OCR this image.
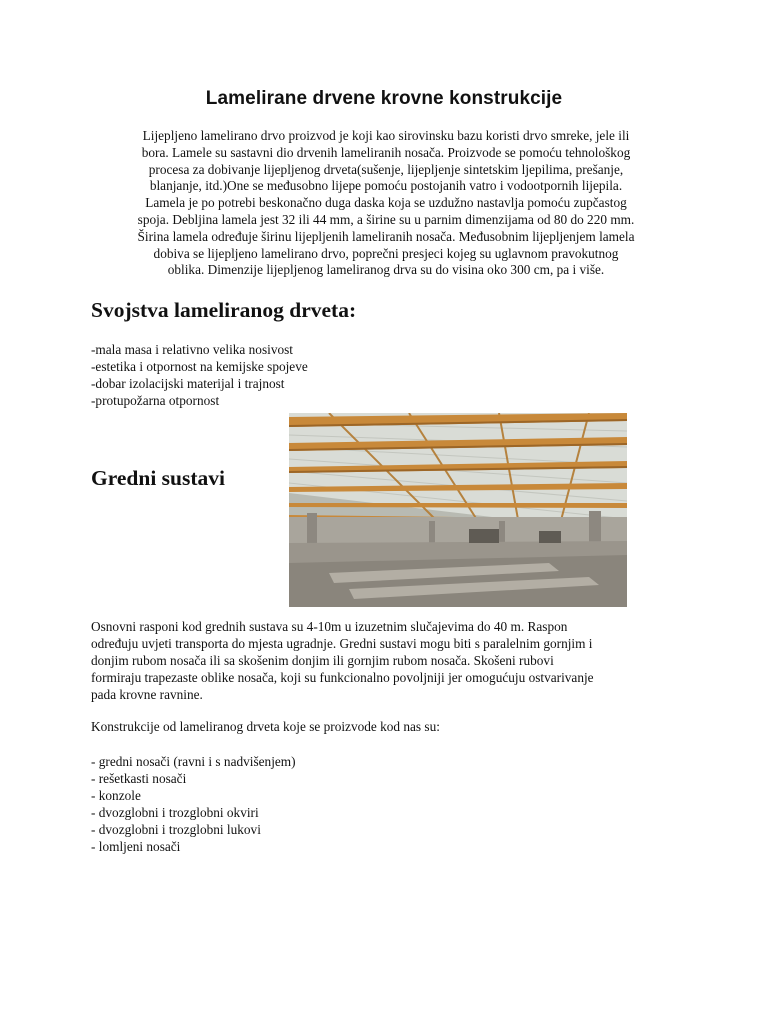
Lamelirane drvene krovne konstrukcije
Lijepljeno lamelirano drvo proizvod je koji kao sirovinsku bazu koristi drvo smreke, jele ili
bora. Lamele su sastavni dio drvenih lameliranih nosača. Proizvode se pomoću tehnološkog
procesa za dobivanje lijepljenog drveta(sušenje, lijepljenje sintetskim ljepilima, prešanje,
blanjanje, itd.)One se međusobno lijepe pomoću postojanih vatro i vodootpornih lijepila.
Lamela je po potrebi beskonačno duga daska koja se uzdužno nastavlja pomoću zupčastog
spoja. Debljina lamela jest 32 ili 44 mm, a širine su u parnim dimenzijama od 80 do 220 mm.
Širina lamela određuje širinu lijepljenih lameliranih nosača. Međusobnim lijepljenjem lamela
dobiva se lijepljeno lamelirano drvo, poprečni presjeci kojeg su uglavnom pravokutnog
oblika. Dimenzije lijepljenog lameliranog drva su do visina oko 300 cm, pa i više.
Svojstva lameliranog drveta:
-mala masa i relativno velika nosivost
-estetika i otpornost na kemijske spojeve
-dobar izolacijski materijal i trajnost
-protupožarna otpornost
Gredni sustavi
Osnovni rasponi kod grednih sustava su 4-10m u izuzetnim slučajevima do 40 m. Raspon
određuju uvjeti transporta do mjesta ugradnje. Gredni sustavi mogu biti s paralelnim gornjim i
donjim rubom nosača ili sa skošenim donjim ili gornjim rubom nosača. Skošeni rubovi
formiraju trapezaste oblike nosača, koji su funkcionalno povoljniji jer omogućuju ostvarivanje
pada krovne ravnine.
Konstrukcije od lameliranog drveta koje se proizvode kod nas su:
- gredni nosači (ravni i s nadvišenjem)
- rešetkasti nosači
- konzole
- dvozglobni i trozglobni okviri
- dvozglobni i trozglobni lukovi
- lomljeni nosači
